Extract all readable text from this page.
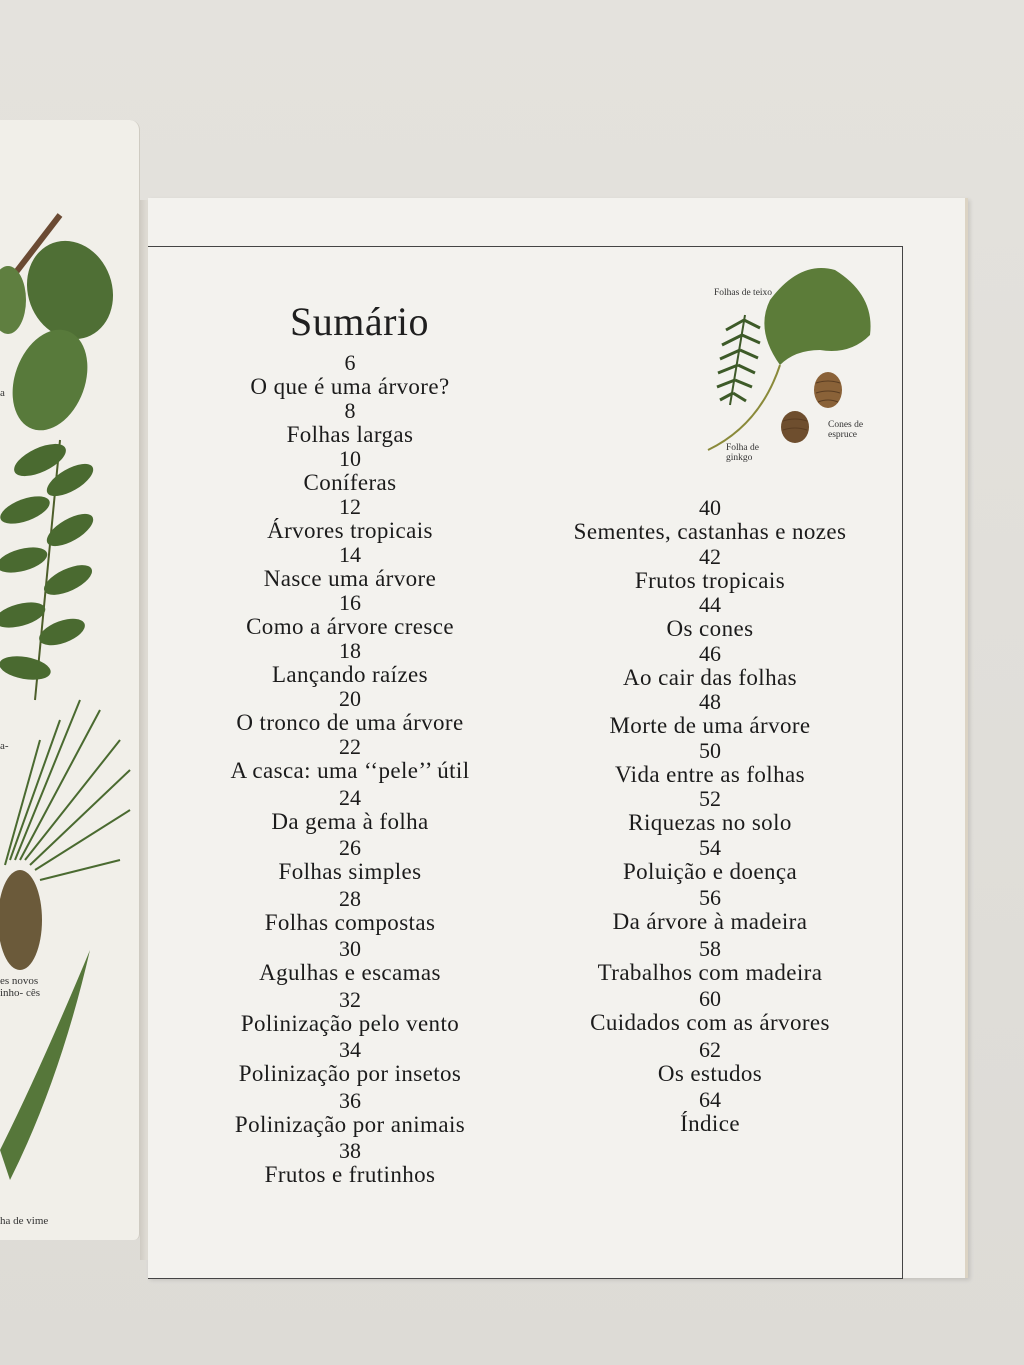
a
a-
es novos inho- cês
ha de vime
Sumário
6
O que é uma árvore?
8
Folhas largas
10
Coníferas
12
Árvores tropicais
14
Nasce uma árvore
16
Como a árvore cresce
18
Lançando raízes
20
O tronco de uma árvore
22
A casca: uma ‘‘pele’’ útil
24
Da gema à folha
26
Folhas simples
28
Folhas compostas
30
Agulhas e escamas
32
Polinização pelo vento
34
Polinização por insetos
36
Polinização por animais
38
Frutos e frutinhos
40
Sementes, castanhas e nozes
42
Frutos tropicais
44
Os cones
46
Ao cair das folhas
48
Morte de uma árvore
50
Vida entre as folhas
52
Riquezas no solo
54
Poluição e doença
56
Da árvore à madeira
58
Trabalhos com madeira
60
Cuidados com as árvores
62
Os estudos
64
Índice
Folhas de teixo
Folha de ginkgo
Cones de espruce
